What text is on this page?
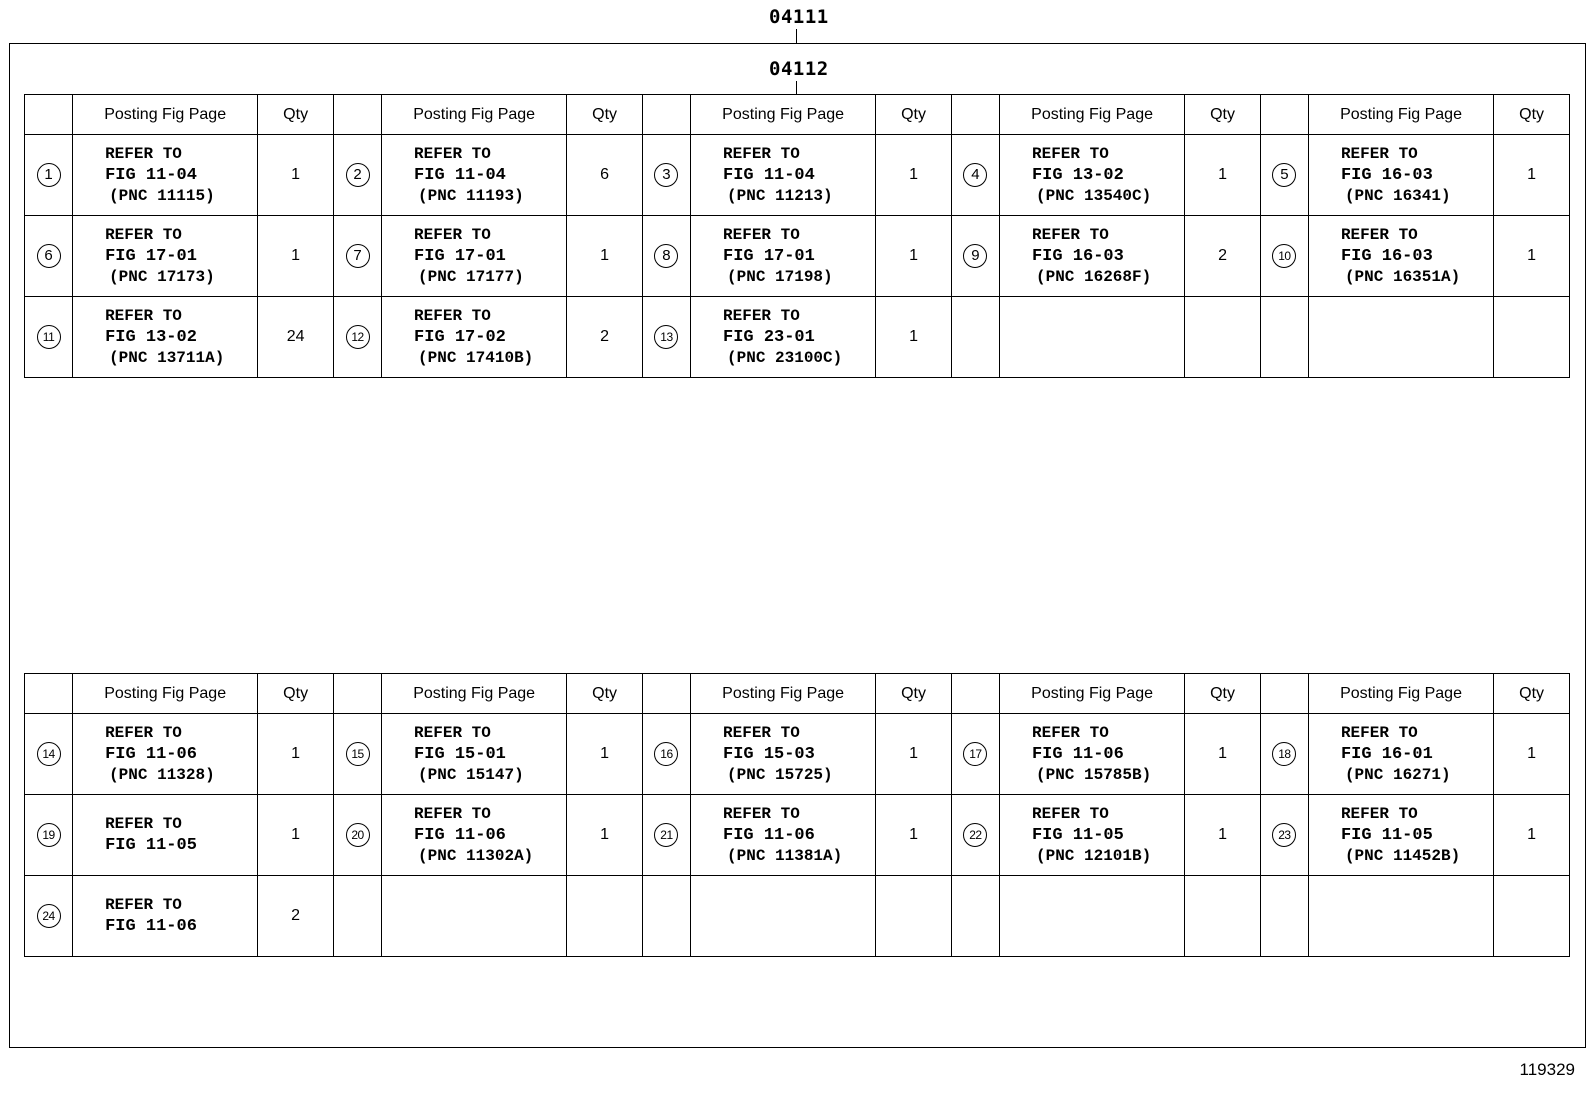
04111
04112
	Posting Fig Page	Qty		Posting Fig Page	Qty		Posting Fig Page	Qty		Posting Fig Page	Qty		Posting Fig Page	Qty
1	REFER TO
FIG 11-04
(PNC 11115)	1	2	REFER TO
FIG 11-04
(PNC 11193)	6	3	REFER TO
FIG 11-04
(PNC 11213)	1	4	REFER TO
FIG 13-02
(PNC 13540C)	1	5	REFER TO
FIG 16-03
(PNC 16341)	1
6	REFER TO
FIG 17-01
(PNC 17173)	1	7	REFER TO
FIG 17-01
(PNC 17177)	1	8	REFER TO
FIG 17-01
(PNC 17198)	1	9	REFER TO
FIG 16-03
(PNC 16268F)	2	10	REFER TO
FIG 16-03
(PNC 16351A)	1
11	REFER TO
FIG 13-02
(PNC 13711A)	24	12	REFER TO
FIG 17-02
(PNC 17410B)	2	13	REFER TO
FIG 23-01
(PNC 23100C)	1						
	Posting Fig Page	Qty		Posting Fig Page	Qty		Posting Fig Page	Qty		Posting Fig Page	Qty		Posting Fig Page	Qty
14	REFER TO
FIG 11-06
(PNC 11328)	1	15	REFER TO
FIG 15-01
(PNC 15147)	1	16	REFER TO
FIG 15-03
(PNC 15725)	1	17	REFER TO
FIG 11-06
(PNC 15785B)	1	18	REFER TO
FIG 16-01
(PNC 16271)	1
19	REFER TO
FIG 11-05	1	20	REFER TO
FIG 11-06
(PNC 11302A)	1	21	REFER TO
FIG 11-06
(PNC 11381A)	1	22	REFER TO
FIG 11-05
(PNC 12101B)	1	23	REFER TO
FIG 11-05
(PNC 11452B)	1
24	REFER TO
FIG 11-06	2												
119329
